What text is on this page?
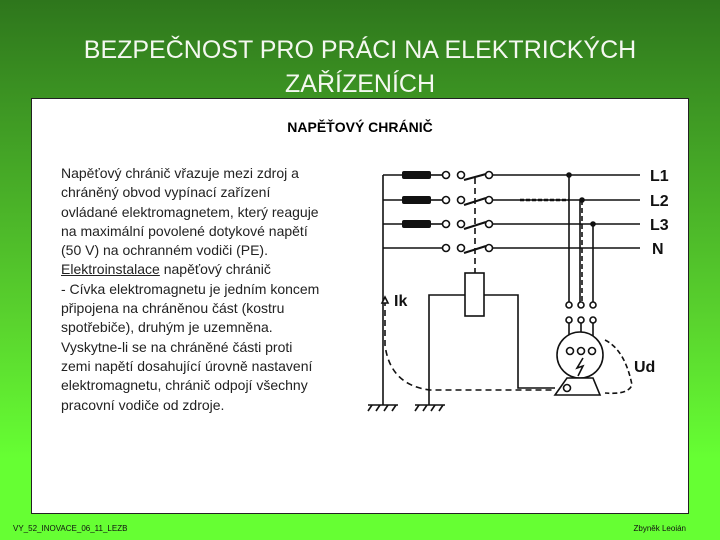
BEZPEČNOST PRO PRÁCI NA ELEKTRICKÝCH
ZAŘÍZENÍCH
NAPĚŤOVÝ CHRÁNIČ
Napěťový chránič vřazuje mezi zdroj a
chráněný obvod vypínací zařízení
ovládané elektromagnetem, který reaguje
na maximální povolené dotykové napětí
(50 V) na ochranném vodiči (PE).
Elektroinstalace napěťový chránič
- Cívka elektromagnetu je jedním koncem
připojena na chráněnou část (kostru
spotřebiče), druhým je uzemněna.
Vyskytne-li se na chráněné části proti
zemi napětí dosahující úrovně nastavení
elektromagnetu, chránič odpojí všechny
pracovní vodiče od zdroje.
L1
L2
L3
N
Ik
Ud
VY_52_INOVACE_06_11_LEZB	Zbyněk Leoián
